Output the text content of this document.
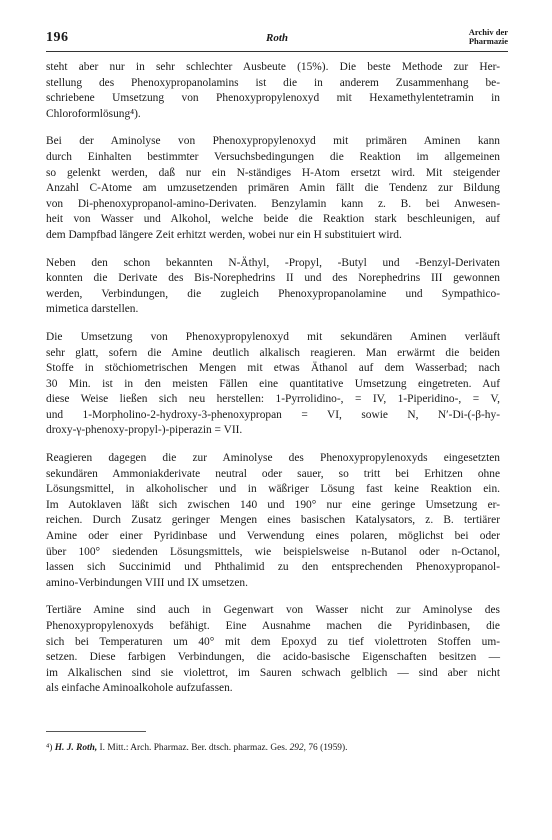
196	Roth	Archiv der
Pharmazie

steht aber nur in sehr schlechter Ausbeute (15%). Die beste Methode zur Her-
stellung des Phenoxypropanolamins ist die in anderem Zusammenhang be-
schriebene Umsetzung von Phenoxypropylenoxyd mit Hexamethylentetramin in
Chloroformlösung⁴).

Bei der Aminolyse von Phenoxypropylenoxyd mit primären Aminen kann
durch Einhalten bestimmter Versuchsbedingungen die Reaktion im allgemeinen
so gelenkt werden, daß nur ein N-ständiges H-Atom ersetzt wird. Mit steigender
Anzahl C-Atome am umzusetzenden primären Amin fällt die Tendenz zur Bildung
von Di-phenoxypropanol-amino-Derivaten. Benzylamin kann z. B. bei Anwesen-
heit von Wasser und Alkohol, welche beide die Reaktion stark beschleunigen, auf
dem Dampfbad längere Zeit erhitzt werden, wobei nur ein H substituiert wird.

Neben den schon bekannten N-Äthyl, -Propyl, -Butyl und -Benzyl-Derivaten
konnten die Derivate des Bis-Norephedrins II und des Norephedrins III gewonnen
werden, Verbindungen, die zugleich Phenoxypropanolamine und Sympathico-
mimetica darstellen.

Die Umsetzung von Phenoxypropylenoxyd mit sekundären Aminen verläuft
sehr glatt, sofern die Amine deutlich alkalisch reagieren. Man erwärmt die beiden
Stoffe in stöchiometrischen Mengen mit etwas Äthanol auf dem Wasserbad; nach
30 Min. ist in den meisten Fällen eine quantitative Umsetzung eingetreten. Auf
diese Weise ließen sich neu herstellen: 1-Pyrrolidino-, = IV, 1-Piperidino-, = V,
und 1-Morpholino-2-hydroxy-3-phenoxypropan = VI, sowie N, N′-Di-(-β-hy-
droxy-γ-phenoxy-propyl-)-piperazin = VII.

Reagieren dagegen die zur Aminolyse des Phenoxypropylenoxyds eingesetzten
sekundären Ammoniakderivate neutral oder sauer, so tritt bei Erhitzen ohne
Lösungsmittel, in alkoholischer und in wäßriger Lösung fast keine Reaktion ein.
Im Autoklaven läßt sich zwischen 140 und 190° nur eine geringe Umsetzung er-
reichen. Durch Zusatz geringer Mengen eines basischen Katalysators, z. B. tertiärer
Amine oder einer Pyridinbase und Verwendung eines polaren, möglichst bei oder
über 100° siedenden Lösungsmittels, wie beispielsweise n-Butanol oder n-Octanol,
lassen sich Succinimid und Phthalimid zu den entsprechenden Phenoxypropanol-
amino-Verbindungen VIII und IX umsetzen.

Tertiäre Amine sind auch in Gegenwart von Wasser nicht zur Aminolyse des
Phenoxypropylenoxyds befähigt. Eine Ausnahme machen die Pyridinbasen, die
sich bei Temperaturen um 40° mit dem Epoxyd zu tief violettroten Stoffen um-
setzen. Diese farbigen Verbindungen, die acido-basische Eigenschaften besitzen —
im Alkalischen sind sie violettrot, im Sauren schwach gelblich — sind aber nicht
als einfache Aminoalkohole aufzufassen.

⁴) H. J. Roth, I. Mitt.: Arch. Pharmaz. Ber. dtsch. pharmaz. Ges. 292, 76 (1959).
